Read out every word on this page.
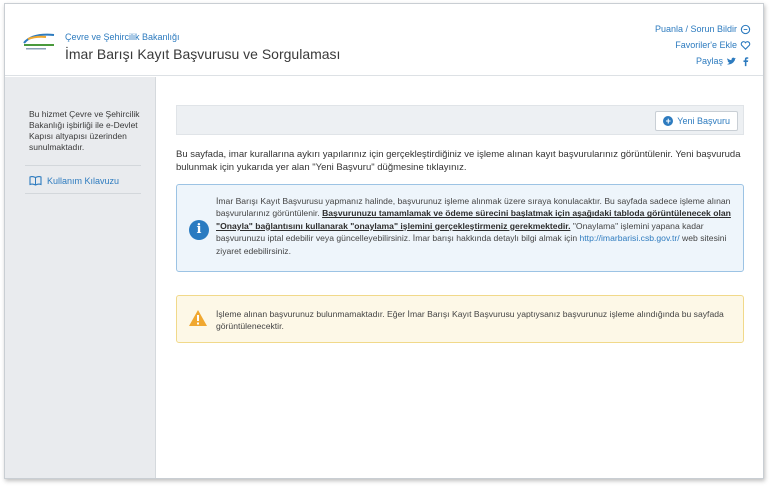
Çevre ve Şehircilik Bakanlığı
İmar Barışı Kayıt Başvurusu ve Sorgulaması
Puanla / Sorun Bildir
Favoriler'e Ekle
Paylaş
Bu hizmet Çevre ve Şehircilik Bakanlığı işbirliği ile e-Devlet Kapısı altyapısı üzerinden sunulmaktadır.
Kullanım Kılavuzu
+ Yeni Başvuru
Bu sayfada, imar kurallarına aykırı yapılarınız için gerçekleştirdiğiniz ve işleme alınan kayıt başvurularınız görüntülenir. Yeni başvuruda bulunmak için yukarıda yer alan "Yeni Başvuru" düğmesine tıklayınız.
i
İmar Barışı Kayıt Başvurusu yapmanız halinde, başvurunuz işleme alınmak üzere sıraya konulacaktır. Bu sayfada sadece işleme alınan başvurularınız görüntülenir. Başvurunuzu tamamlamak ve ödeme sürecini başlatmak için aşağıdaki tabloda görüntülenecek olan "Onayla" bağlantısını kullanarak "onaylama" işlemini gerçekleştirmeniz gerekmektedir. "Onaylama" işlemini yapana kadar başvurunuzu iptal edebilir veya güncelleyebilirsiniz. İmar barışı hakkında detaylı bilgi almak için http://imarbarisi.csb.gov.tr/ web sitesini ziyaret edebilirsiniz.
İşleme alınan başvurunuz bulunmamaktadır. Eğer İmar Barışı Kayıt Başvurusu yaptıysanız başvurunuz işleme alındığında bu sayfada görüntülenecektir.
